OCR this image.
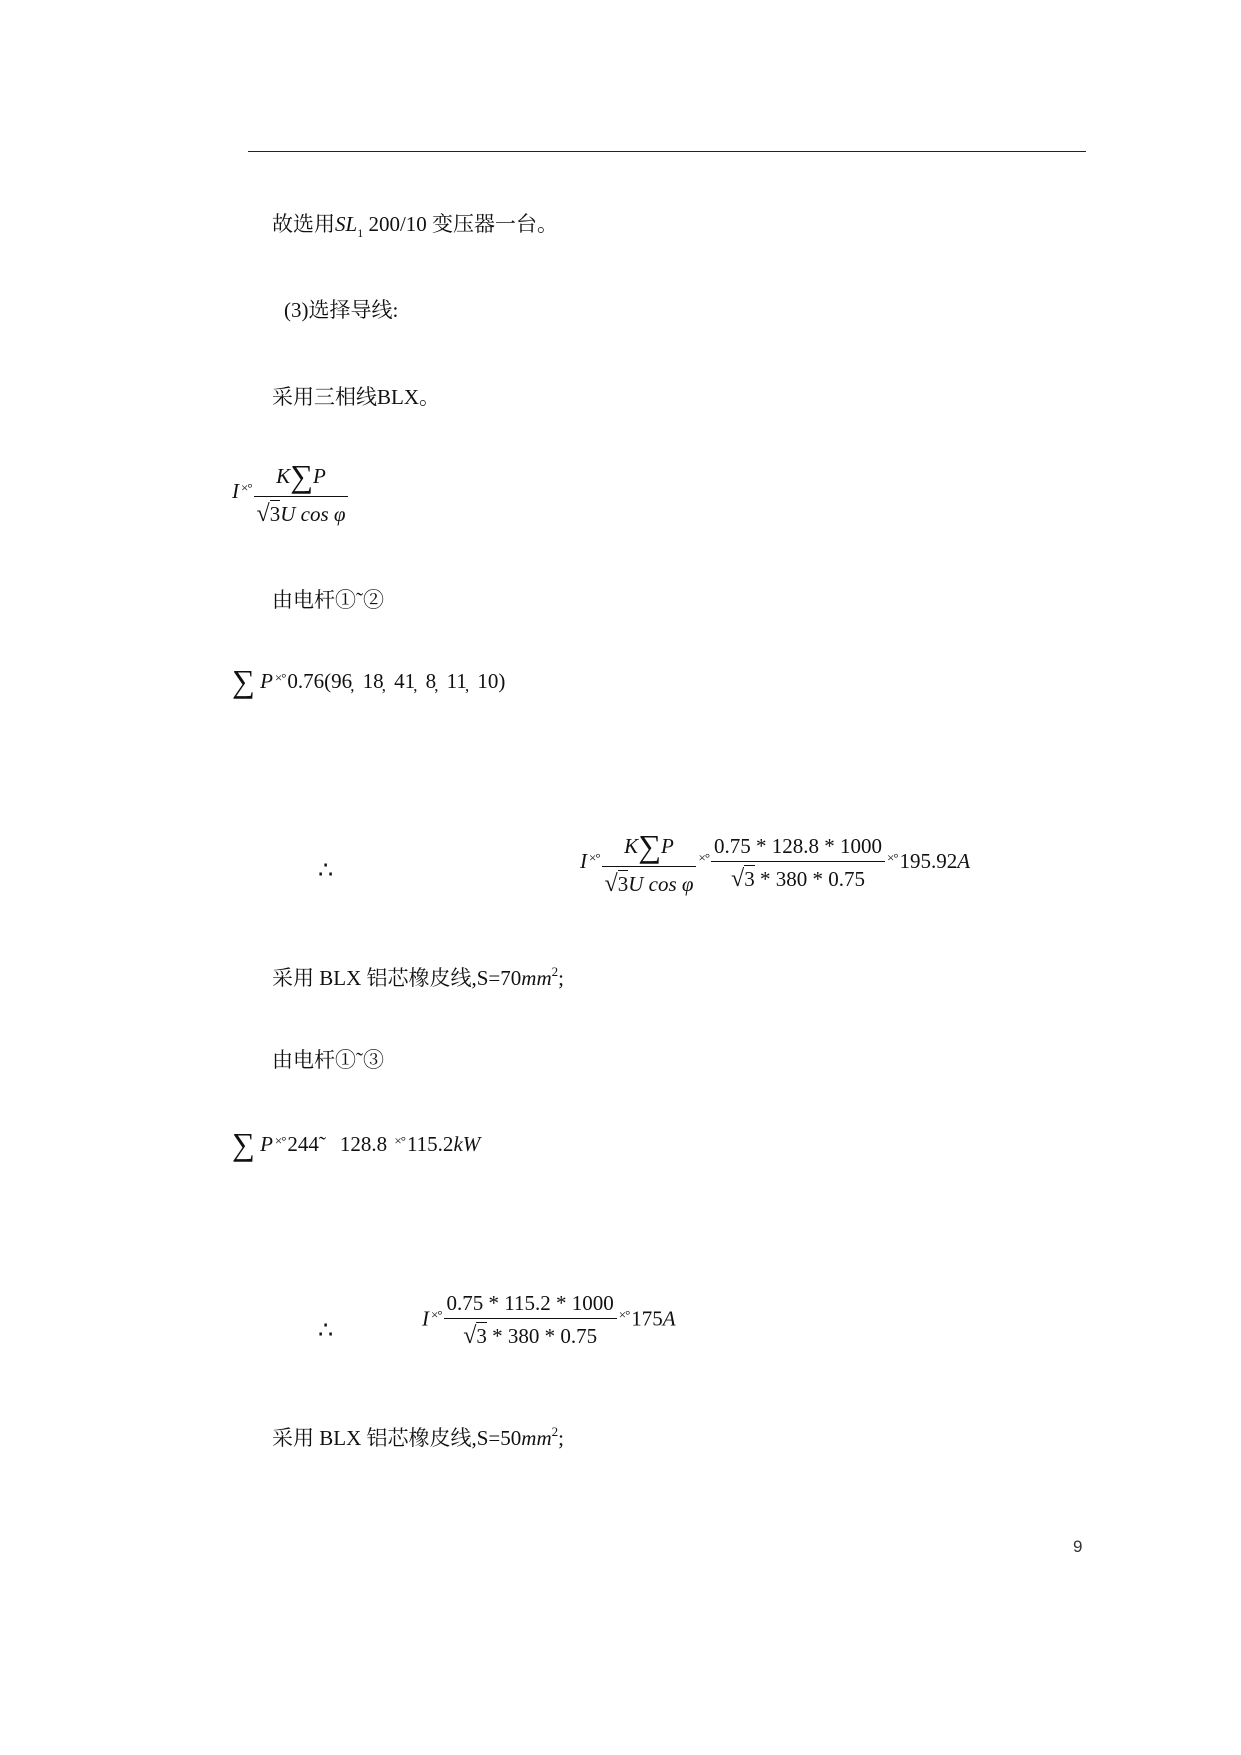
故选用$SL_1$ 200/10 变压器一台。
(3)选择导线:
采用三相线BLX。
I ×° $\frac{K\sum P}{\text{√3U cos φ}}$
由电杆①˜②
∑ P ×°0.76(96̦  18̦  41̦  8̦  11̦  10)
∴	I ×° $\frac{K\sum P}{\text{√3U cos φ}}$ ×° $\frac{0.75 * 128.8 * 1000}{√3 * 380 * 0.75} \times^\circ 195.92A$
采用 BLX 铝芯橡皮线$,S=70mm^2$;
由电杆①˜③
∑ P ×°244̃ 128.8 ×°115.2kW
∴	I ×° $\frac{0.75 * 115.2 * 1000}{√3 * 380 * 0.75} \times^\circ 175A$
采用 BLX 铝芯橡皮线$,S=50mm^2$;
9
